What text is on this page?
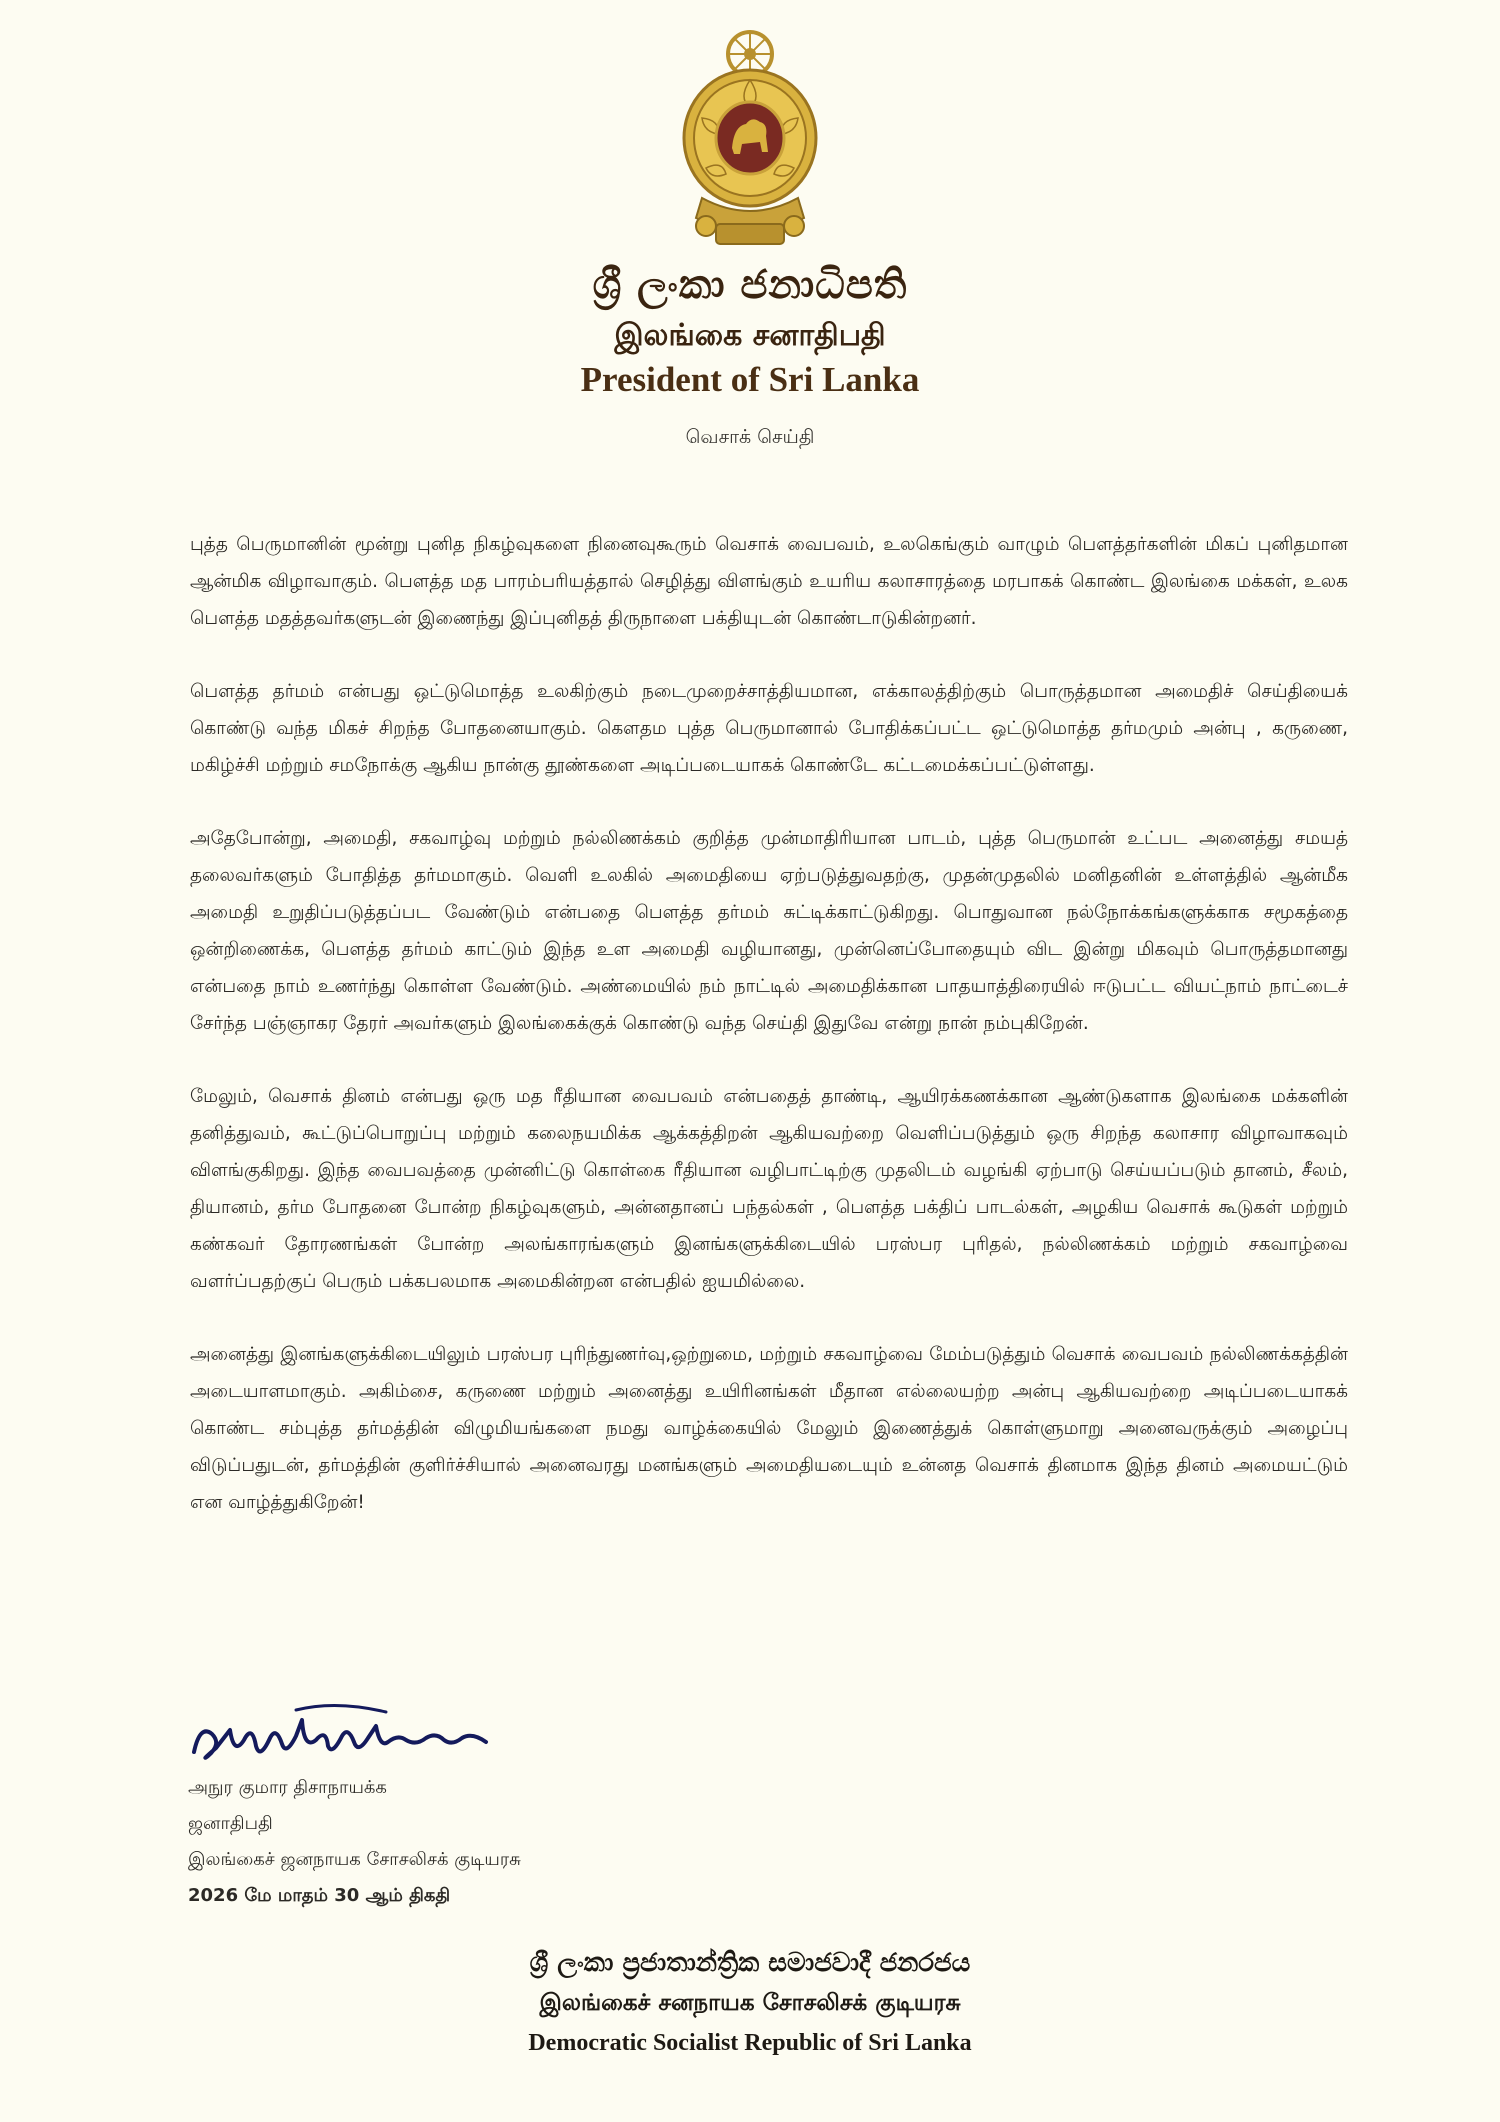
ශ්‍රී ලංකා ජනාධිපති
இலங்கை சனாதிபதி
President of Sri Lanka
வெசாக் செய்தி

புத்த பெருமானின் மூன்று புனித நிகழ்வுகளை நினைவுகூரும் வெசாக் வைபவம், உலகெங்கும் வாழும் பௌத்தர்களின் மிகப் புனிதமான ஆன்மிக விழாவாகும். பௌத்த மத பாரம்பரியத்தால் செழித்து விளங்கும் உயரிய கலாசாரத்தை மரபாகக் கொண்ட இலங்கை மக்கள், உலக பௌத்த மதத்தவர்களுடன் இணைந்து இப்புனிதத் திருநாளை பக்தியுடன் கொண்டாடுகின்றனர்.

பௌத்த தர்மம் என்பது ஒட்டுமொத்த உலகிற்கும் நடைமுறைச்சாத்தியமான, எக்காலத்திற்கும் பொருத்தமான அமைதிச் செய்தியைக் கொண்டு வந்த மிகச் சிறந்த போதனையாகும். கௌதம புத்த பெருமானால் போதிக்கப்பட்ட ஒட்டுமொத்த தர்மமும் அன்பு , கருணை, மகிழ்ச்சி மற்றும் சமநோக்கு ஆகிய நான்கு தூண்களை அடிப்படையாகக் கொண்டே கட்டமைக்கப்பட்டுள்ளது.

அதேபோன்று, அமைதி, சகவாழ்வு மற்றும் நல்லிணக்கம் குறித்த முன்மாதிரியான பாடம், புத்த பெருமான் உட்பட அனைத்து சமயத் தலைவர்களும் போதித்த தர்மமாகும். வெளி உலகில் அமைதியை ஏற்படுத்துவதற்கு, முதன்முதலில் மனிதனின் உள்ளத்தில் ஆன்மீக அமைதி உறுதிப்படுத்தப்பட வேண்டும் என்பதை பௌத்த தர்மம் சுட்டிக்காட்டுகிறது. பொதுவான நல்நோக்கங்களுக்காக சமூகத்தை ஒன்றிணைக்க, பௌத்த தர்மம் காட்டும் இந்த உள அமைதி வழியானது, முன்னெப்போதையும் விட இன்று மிகவும் பொருத்தமானது என்பதை நாம் உணர்ந்து கொள்ள வேண்டும். அண்மையில் நம் நாட்டில் அமைதிக்கான பாதயாத்திரையில் ஈடுபட்ட வியட்நாம் நாட்டைச் சேர்ந்த பஞ்ஞாகர தேரர் அவர்களும் இலங்கைக்குக் கொண்டு வந்த செய்தி இதுவே என்று நான் நம்புகிறேன்.

மேலும், வெசாக் தினம் என்பது ஒரு மத ரீதியான வைபவம் என்பதைத் தாண்டி, ஆயிரக்கணக்கான ஆண்டுகளாக இலங்கை மக்களின் தனித்துவம், கூட்டுப்பொறுப்பு மற்றும் கலைநயமிக்க ஆக்கத்திறன் ஆகியவற்றை வெளிப்படுத்தும் ஒரு சிறந்த கலாசார விழாவாகவும் விளங்குகிறது. இந்த வைபவத்தை முன்னிட்டு கொள்கை ரீதியான வழிபாட்டிற்கு முதலிடம் வழங்கி ஏற்பாடு செய்யப்படும் தானம், சீலம், தியானம், தர்ம போதனை போன்ற நிகழ்வுகளும், அன்னதானப் பந்தல்கள் , பௌத்த பக்திப் பாடல்கள், அழகிய வெசாக் கூடுகள் மற்றும் கண்கவர் தோரணங்கள் போன்ற அலங்காரங்களும் இனங்களுக்கிடையில் பரஸ்பர புரிதல், நல்லிணக்கம் மற்றும் சகவாழ்வை வளர்ப்பதற்குப் பெரும் பக்கபலமாக அமைகின்றன என்பதில் ஐயமில்லை.

அனைத்து இனங்களுக்கிடையிலும் பரஸ்பர புரிந்துணர்வு,ஒற்றுமை, மற்றும் சகவாழ்வை மேம்படுத்தும் வெசாக் வைபவம் நல்லிணக்கத்தின் அடையாளமாகும். அகிம்சை, கருணை மற்றும் அனைத்து உயிரினங்கள் மீதான எல்லையற்ற அன்பு ஆகியவற்றை அடிப்படையாகக் கொண்ட சம்புத்த தர்மத்தின் விழுமியங்களை நமது வாழ்க்கையில் மேலும் இணைத்துக் கொள்ளுமாறு அனைவருக்கும் அழைப்பு விடுப்பதுடன், தர்மத்தின் குளிர்ச்சியால் அனைவரது மனங்களும் அமைதியடையும் உன்னத வெசாக் தினமாக இந்த தினம் அமையட்டும் என வாழ்த்துகிறேன்!

அநுர குமார திசாநாயக்க
ஜனாதிபதி
இலங்கைச் ஜனநாயக சோசலிசக் குடியரசு
2026 மே மாதம் 30 ஆம் திகதி
ශ්‍රී ලංකා ප්‍රජාතාන්ත්‍රික සමාජවාදී ජනරජය
இலங்கைச் சனநாயக சோசலிசக் குடியரசு
Democratic Socialist Republic of Sri Lanka
